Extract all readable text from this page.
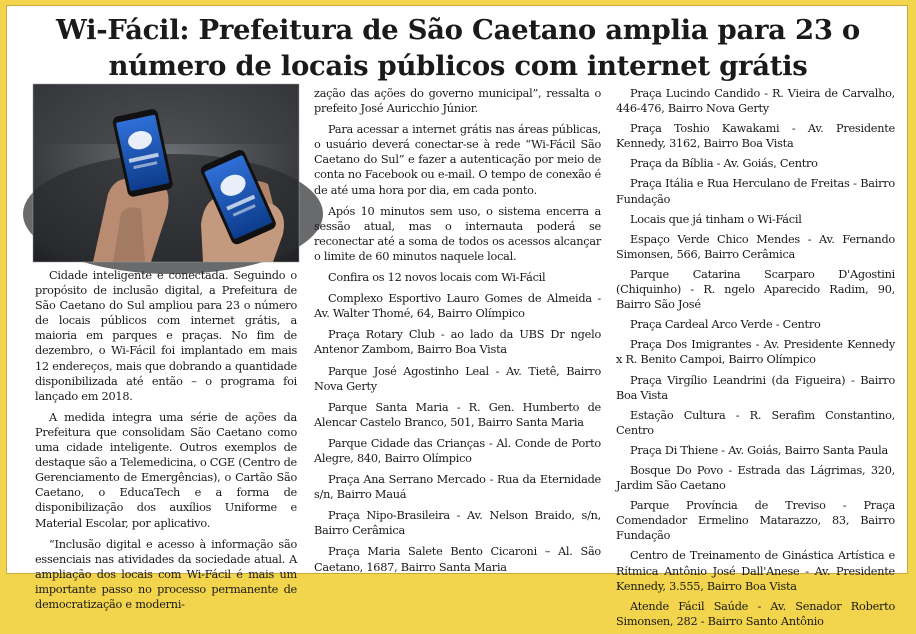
Wi-Fácil: Prefeitura de São Caetano amplia para 23 o número de locais públicos com internet grátis

Cidade inteligente e conectada. Seguindo o propósito de inclusão digital, a Prefeitura de São Caetano do Sul ampliou para 23 o número de locais públicos com internet grátis, a maioria em parques e praças. No fim de dezembro, o Wi-Fácil foi implantado em mais 12 endereços, mais que dobrando a quantidade disponibilizada até então – o programa foi lançado em 2018.

A medida integra uma série de ações da Prefeitura que consolidam São Caetano como uma cidade inteligente. Outros exemplos de destaque são a Telemedicina, o CGE (Centro de Gerenciamento de Emergências), o Cartão São Caetano, o EducaTech e a forma de disponibilização dos auxílios Uniforme e Material Escolar, por aplicativo.

“Inclusão digital e acesso à informação são essenciais nas atividades da sociedade atual. A ampliação dos locais com Wi-Fácil é mais um importante passo no processo permanente de democratização e moderni-

zação das ações do governo municipal”, ressalta o prefeito José Auricchio Júnior.

Para acessar a internet grátis nas áreas públicas, o usuário deverá conectar-se à rede “Wi-Fácil São Caetano do Sul” e fazer a autenticação por meio de conta no Facebook ou e-mail. O tempo de conexão é de até uma hora por dia, em cada ponto.

Após 10 minutos sem uso, o sistema encerra a sessão atual, mas o internauta poderá se reconectar até a soma de todos os acessos alcançar o limite de 60 minutos naquele local.

Confira os 12 novos locais com Wi-Fácil

Complexo Esportivo Lauro Gomes de Almeida - Av. Walter Thomé, 64, Bairro Olímpico

Praça Rotary Club - ao lado da UBS Dr ngelo Antenor Zambom, Bairro Boa Vista

Parque José Agostinho Leal - Av. Tietê, Bairro Nova Gerty

Parque Santa Maria - R. Gen. Humberto de Alencar Castelo Branco, 501, Bairro Santa Maria

Parque Cidade das Crianças - Al. Conde de Porto Alegre, 840, Bairro Olímpico

Praça Ana Serrano Mercado - Rua da Eternidade s/n, Bairro Mauá

Praça Nipo-Brasileira - Av. Nelson Braido, s/n, Bairro Cerâmica

Praça Maria Salete Bento Cicaroni – Al. São Caetano, 1687, Bairro Santa Maria

Praça Lucindo Candido - R. Vieira de Carvalho, 446-476, Bairro Nova Gerty

Praça Toshio Kawakami - Av. Presidente Kennedy, 3162, Bairro Boa Vista

Praça da Bíblia - Av. Goiás, Centro

Praça Itália e Rua Herculano de Freitas - Bairro Fundação

Locais que já tinham o Wi-Fácil

Espaço Verde Chico Mendes - Av. Fernando Simonsen, 566, Bairro Cerâmica

Parque Catarina Scarparo D'Agostini (Chiquinho) - R. ngelo Aparecido Radim, 90, Bairro São José

Praça Cardeal Arco Verde - Centro

Praça Dos Imigrantes - Av. Presidente Kennedy x R. Benito Campoi, Bairro Olímpico

Praça Virgílio Leandrini (da Figueira) - Bairro Boa Vista

Estação Cultura - R. Serafim Constantino, Centro

Praça Di Thiene - Av. Goiás, Bairro Santa Paula

Bosque Do Povo - Estrada das Lágrimas, 320, Jardim São Caetano

Parque Província de Treviso - Praça Comendador Ermelino Matarazzo, 83, Bairro Fundação

Centro de Treinamento de Ginástica Artística e Rítmica Antônio José Dall'Anese - Av. Presidente Kennedy, 3.555, Bairro Boa Vista

Atende Fácil Saúde - Av. Senador Roberto Simonsen, 282 - Bairro Santo Antônio
